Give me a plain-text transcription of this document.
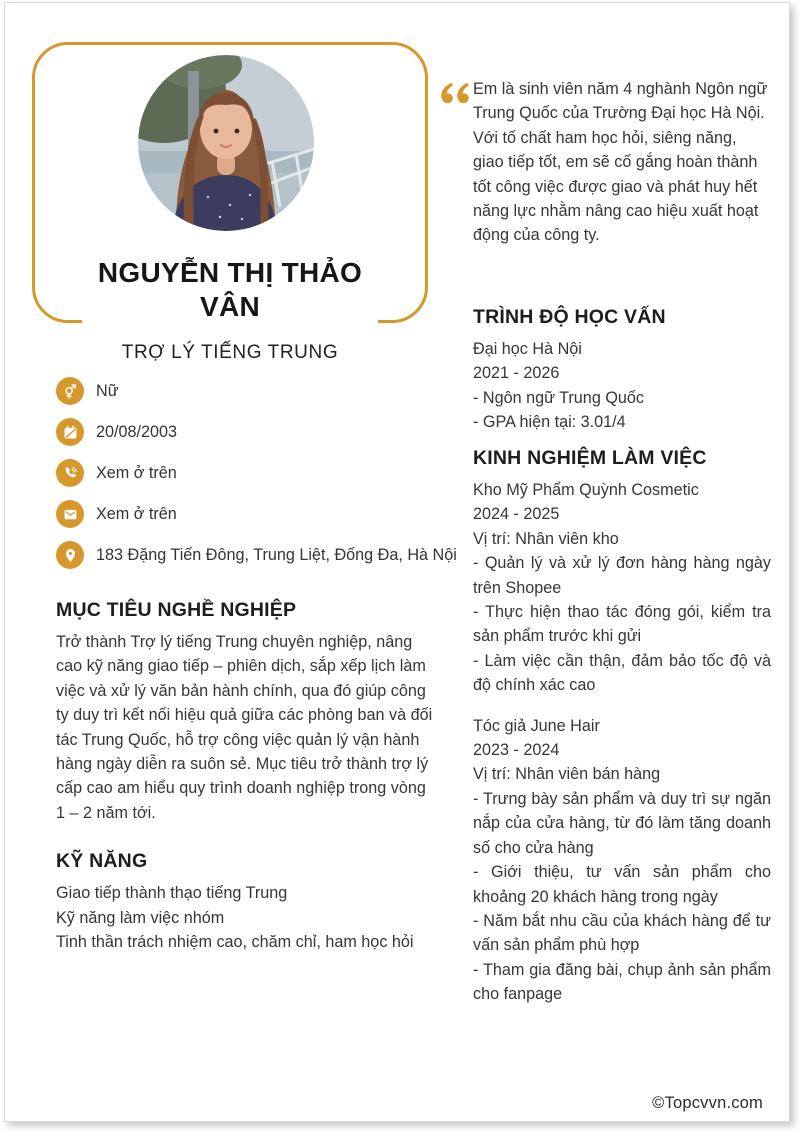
NGUYỄN THỊ THẢO VÂN
TRỢ LÝ TIẾNG TRUNG
Nữ
20/08/2003
Xem ở trên
Xem ở trên
183 Đặng Tiến Đông, Trung Liệt, Đống Đa, Hà Nội
MỤC TIÊU NGHỀ NGHIỆP

Trở thành Trợ lý tiếng Trung chuyên nghiệp, nâng cao kỹ năng giao tiếp – phiên dịch, sắp xếp lịch làm việc và xử lý văn bản hành chính, qua đó giúp công ty duy trì kết nối hiệu quả giữa các phòng ban và đối tác Trung Quốc, hỗ trợ công việc quản lý vận hành hàng ngày diễn ra suôn sẻ. Mục tiêu trở thành trợ lý cấp cao am hiểu quy trình doanh nghiệp trong vòng 1 – 2 năm tới.

KỸ NĂNG
Giao tiếp thành thạo tiếng Trung
Kỹ năng làm việc nhóm
Tinh thần trách nhiệm cao, chăm chỉ, ham học hỏi

Em là sinh viên năm 4 nghành Ngôn ngữ Trung Quốc của Trường Đại học Hà Nội. Với tố chất ham học hỏi, siêng năng, giao tiếp tốt, em sẽ cố gắng hoàn thành tốt công việc được giao và phát huy hết năng lực nhằm nâng cao hiệu xuất hoạt động của công ty.

TRÌNH ĐỘ HỌC VẤN
Đại học Hà Nội
2021 - 2026
- Ngôn ngữ Trung Quốc
- GPA hiện tại: 3.01/4
KINH NGHIỆM LÀM VIỆC
Kho Mỹ Phẩm Quỳnh Cosmetic
2024 - 2025
Vị trí: Nhân viên kho
- Quản lý và xử lý đơn hàng hàng ngày trên Shopee
- Thực hiện thao tác đóng gói, kiểm tra sản phẩm trước khi gửi
- Làm việc cần thận, đảm bảo tốc độ và độ chính xác cao
Tóc giả June Hair
2023 - 2024
Vị trí: Nhân viên bán hàng
- Trưng bày sản phẩm và duy trì sự ngăn nắp của cửa hàng, từ đó làm tăng doanh số cho cửa hàng
- Giới thiệu, tư vấn sản phẩm cho khoảng 20 khách hàng trong ngày
- Năm bắt nhu cầu của khách hàng để tư vấn sản phẩm phù hợp
- Tham gia đăng bài, chụp ảnh sản phẩm cho fanpage
©Topcvvn.com
